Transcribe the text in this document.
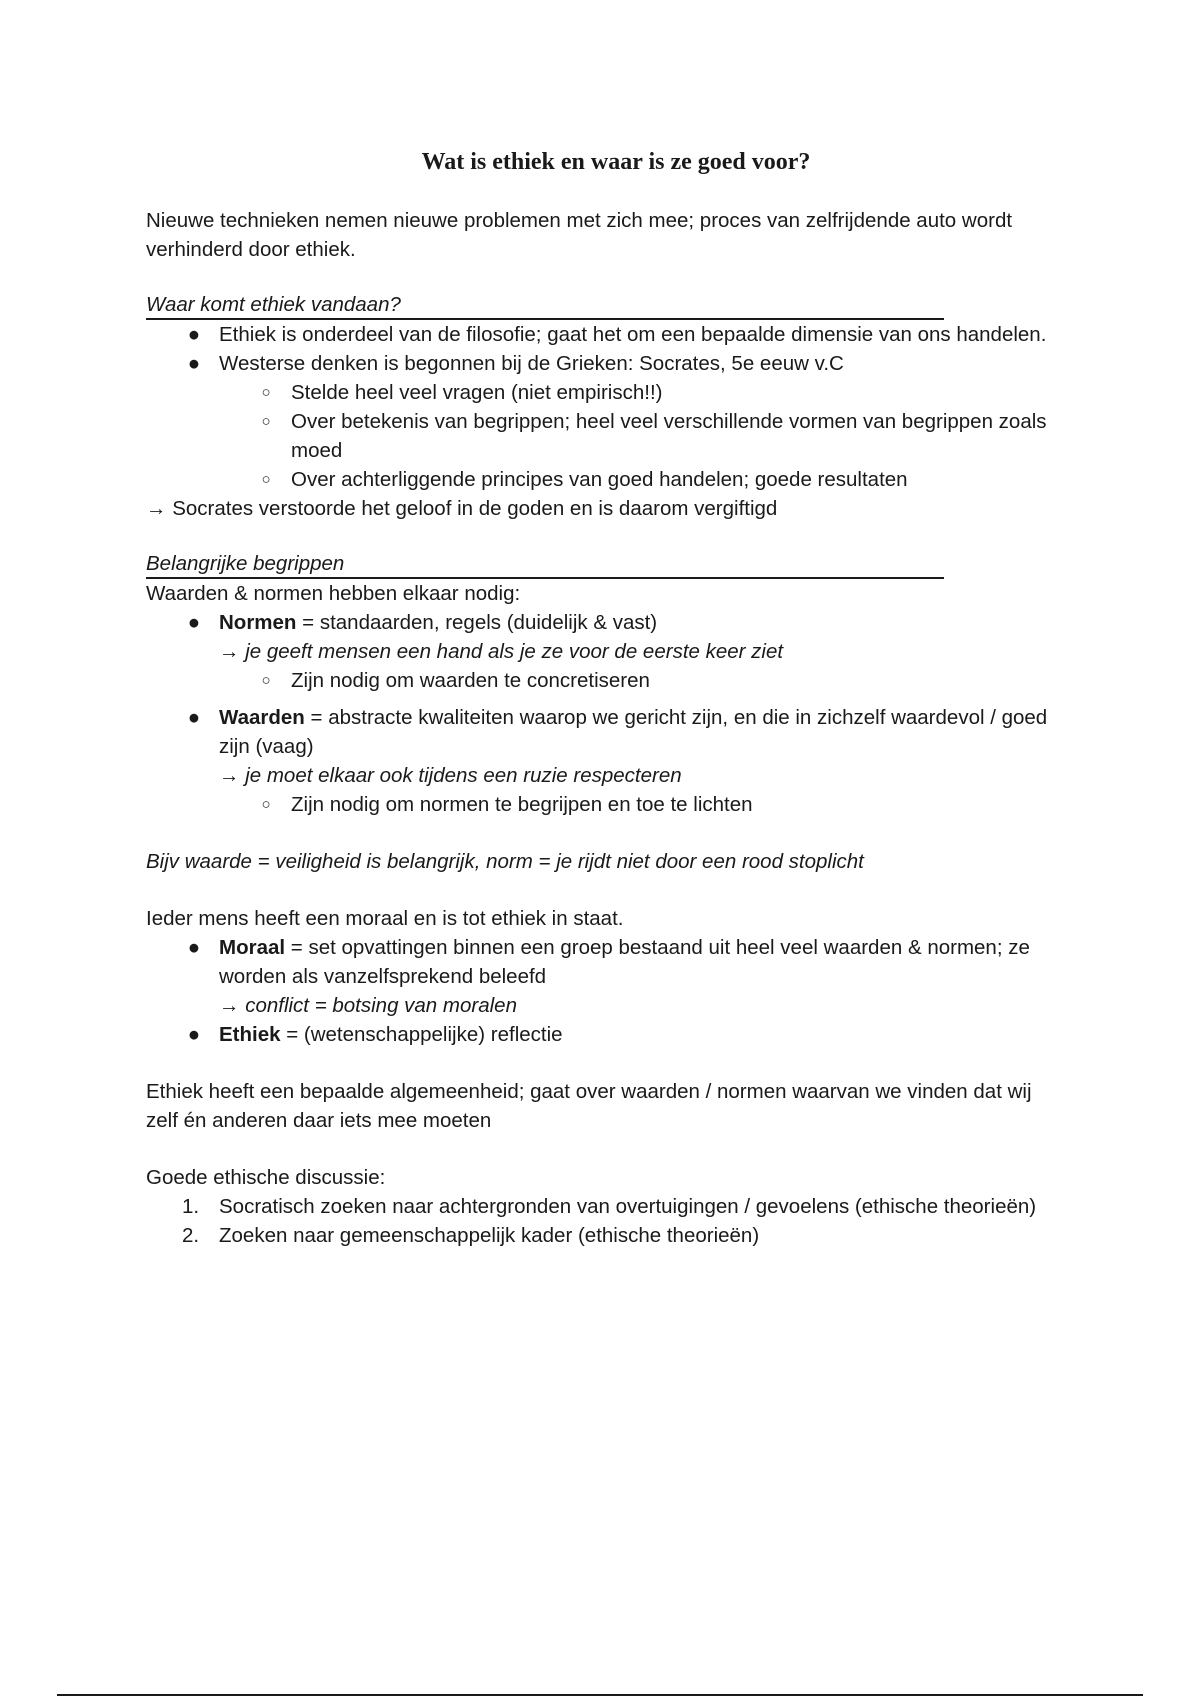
Wat is ethiek en waar is ze goed voor?

Nieuwe technieken nemen nieuwe problemen met zich mee; proces van zelfrijdende auto wordt verhinderd door ethiek.

Waar komt ethiek vandaan?

● Ethiek is onderdeel van de filosofie; gaat het om een bepaalde dimensie van ons handelen.
● Westerse denken is begonnen bij de Grieken: Socrates, 5e eeuw v.C
○ Stelde heel veel vragen (niet empirisch!!)
○ Over betekenis van begrippen; heel veel verschillende vormen van begrippen zoals moed
○ Over achterliggende principes van goed handelen; goede resultaten

→ Socrates verstoorde het geloof in de goden en is daarom vergiftigd

Belangrijke begrippen

Waarden & normen hebben elkaar nodig:

● Normen = standaarden, regels (duidelijk & vast)
→ je geeft mensen een hand als je ze voor de eerste keer ziet
○ Zijn nodig om waarden te concretiseren
● Waarden = abstracte kwaliteiten waarop we gericht zijn, en die in zichzelf waardevol / goed zijn (vaag)
→ je moet elkaar ook tijdens een ruzie respecteren
○ Zijn nodig om normen te begrijpen en toe te lichten

Bijv waarde = veiligheid is belangrijk, norm = je rijdt niet door een rood stoplicht

Ieder mens heeft een moraal en is tot ethiek in staat.

● Moraal = set opvattingen binnen een groep bestaand uit heel veel waarden & normen; ze worden als vanzelfsprekend beleefd
→ conflict = botsing van moralen
● Ethiek = (wetenschappelijke) reflectie

Ethiek heeft een bepaalde algemeenheid; gaat over waarden / normen waarvan we vinden dat wij zelf én anderen daar iets mee moeten

Goede ethische discussie:

1. Socratisch zoeken naar achtergronden van overtuigingen / gevoelens (ethische theorieën)
2. Zoeken naar gemeenschappelijk kader (ethische theorieën)
